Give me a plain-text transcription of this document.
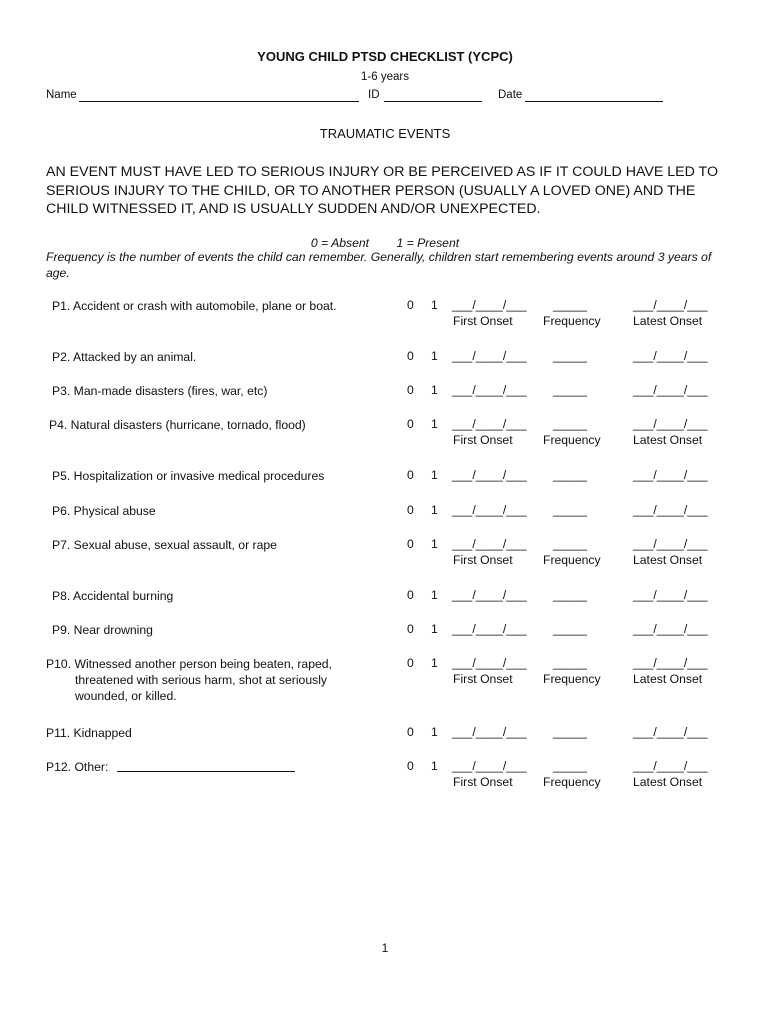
YOUNG CHILD PTSD CHECKLIST (YCPC)
1-6 years
Name	ID	Date
TRAUMATIC EVENTS
AN EVENT MUST HAVE LED TO SERIOUS INJURY OR BE PERCEIVED AS IF IT COULD HAVE LED TO SERIOUS INJURY TO THE CHILD, OR TO ANOTHER PERSON (USUALLY A LOVED ONE) AND THE CHILD WITNESSED IT, AND IS USUALLY SUDDEN AND/OR UNEXPECTED.
0 = Absent 1 = Present
Frequency is the number of events the child can remember. Generally, children start remembering events around 3 years of age.
P1. Accident or crash with automobile, plane or boat.	0 1 ___/____/___ _____	___/____/___
First Onset Frequency	Latest Onset
P2. Attacked by an animal.	0 1 ___/____/___ _____	___/____/___
P3. Man-made disasters (fires, war, etc)	0 1 ___/____/___ _____	___/____/___
P4. Natural disasters (hurricane, tornado, flood)	0 1 ___/____/___ _____	___/____/___
First Onset Frequency	Latest Onset
P5. Hospitalization or invasive medical procedures	0 1 ___/____/___ _____	___/____/___
P6. Physical abuse	0 1 ___/____/___ _____	___/____/___
P7. Sexual abuse, sexual assault, or rape	0 1 ___/____/___ _____	___/____/___
First Onset Frequency	Latest Onset
P8. Accidental burning	0 1 ___/____/___ _____	___/____/___
P9. Near drowning	0 1 ___/____/___ _____	___/____/___
P10. Witnessed another person being beaten, raped,
threatened with serious harm, shot at seriously
wounded, or killed.
0 1 ___/____/___ _____	___/____/___
First Onset Frequency	Latest Onset
P11. Kidnapped	0 1 ___/____/___ _____	___/____/___
P12. Other:	0 1 ___/____/___ _____	___/____/___
First Onset Frequency	Latest Onset
1
